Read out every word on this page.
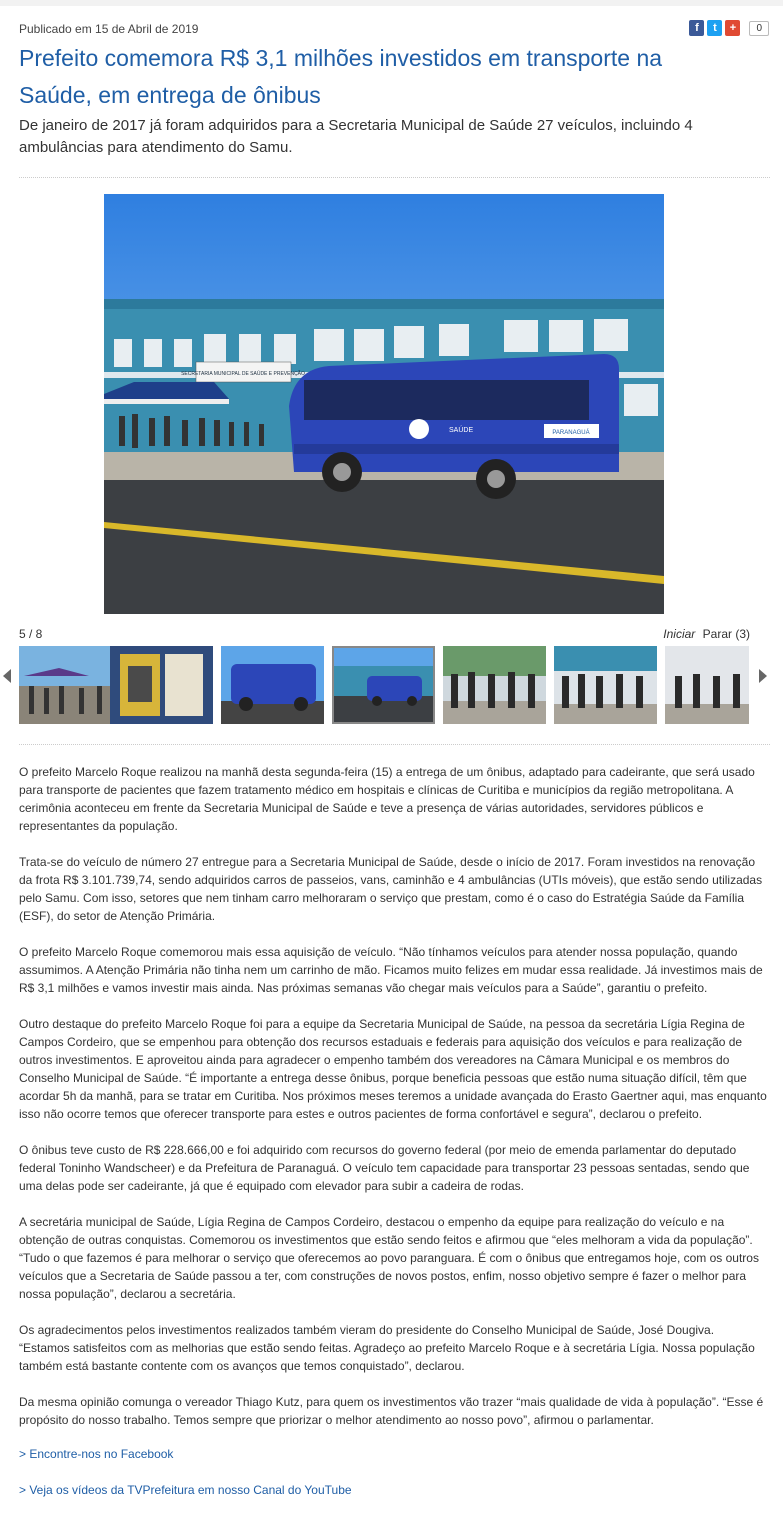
Publicado em 15 de Abril de 2019	f	t	+	0
Prefeito comemora R$ 3,1 milhões investidos em transporte na Saúde, em entrega de ônibus

De janeiro de 2017 já foram adquiridos para a Secretaria Municipal de Saúde 27 veículos, incluindo 4 ambulâncias para atendimento do Samu.

SECRETARIA MUNICIPAL DE SAÚDE E PREVENÇÃO
SAÚDE	PARANAGUÁ
5 / 8	Iniciar Parar (3)

O prefeito Marcelo Roque realizou na manhã desta segunda-feira (15) a entrega de um ônibus, adaptado para cadeirante, que será usado para transporte de pacientes que fazem tratamento médico em hospitais e clínicas de Curitiba e municípios da região metropolitana. A cerimônia aconteceu em frente da Secretaria Municipal de Saúde e teve a presença de várias autoridades, servidores públicos e representantes da população.

Trata-se do veículo de número 27 entregue para a Secretaria Municipal de Saúde, desde o início de 2017. Foram investidos na renovação da frota R$ 3.101.739,74, sendo adquiridos carros de passeios, vans, caminhão e 4 ambulâncias (UTIs móveis), que estão sendo utilizadas pelo Samu. Com isso, setores que nem tinham carro melhoraram o serviço que prestam, como é o caso do Estratégia Saúde da Família (ESF), do setor de Atenção Primária.

O prefeito Marcelo Roque comemorou mais essa aquisição de veículo. “Não tínhamos veículos para atender nossa população, quando assumimos. A Atenção Primária não tinha nem um carrinho de mão. Ficamos muito felizes em mudar essa realidade. Já investimos mais de R$ 3,1 milhões e vamos investir mais ainda. Nas próximas semanas vão chegar mais veículos para a Saúde”, garantiu o prefeito.

Outro destaque do prefeito Marcelo Roque foi para a equipe da Secretaria Municipal de Saúde, na pessoa da secretária Lígia Regina de Campos Cordeiro, que se empenhou para obtenção dos recursos estaduais e federais para aquisição dos veículos e para realização de outros investimentos. E aproveitou ainda para agradecer o empenho também dos vereadores na Câmara Municipal e os membros do Conselho Municipal de Saúde. “É importante a entrega desse ônibus, porque beneficia pessoas que estão numa situação difícil, têm que acordar 5h da manhã, para se tratar em Curitiba. Nos próximos meses teremos a unidade avançada do Erasto Gaertner aqui, mas enquanto isso não ocorre temos que oferecer transporte para estes e outros pacientes de forma confortável e segura”, declarou o prefeito.

O ônibus teve custo de R$ 228.666,00 e foi adquirido com recursos do governo federal (por meio de emenda parlamentar do deputado federal Toninho Wandscheer) e da Prefeitura de Paranaguá. O veículo tem capacidade para transportar 23 pessoas sentadas, sendo que uma delas pode ser cadeirante, já que é equipado com elevador para subir a cadeira de rodas.

A secretária municipal de Saúde, Lígia Regina de Campos Cordeiro, destacou o empenho da equipe para realização do veículo e na obtenção de outras conquistas. Comemorou os investimentos que estão sendo feitos e afirmou que “eles melhoram a vida da população”. “Tudo o que fazemos é para melhorar o serviço que oferecemos ao povo paranguara. É com o ônibus que entregamos hoje, com os outros veículos que a Secretaria de Saúde passou a ter, com construções de novos postos, enfim, nosso objetivo sempre é fazer o melhor para nossa população”, declarou a secretária.

Os agradecimentos pelos investimentos realizados também vieram do presidente do Conselho Municipal de Saúde, José Dougiva. “Estamos satisfeitos com as melhorias que estão sendo feitas. Agradeço ao prefeito Marcelo Roque e à secretária Lígia. Nossa população também está bastante contente com os avanços que temos conquistado”, declarou.

Da mesma opinião comunga o vereador Thiago Kutz, para quem os investimentos vão trazer “mais qualidade de vida à população”. “Esse é propósito do nosso trabalho. Temos sempre que priorizar o melhor atendimento ao nosso povo”, afirmou o parlamentar.

> Encontre-nos no Facebook
> Veja os vídeos da TVPrefeitura em nosso Canal do YouTube
